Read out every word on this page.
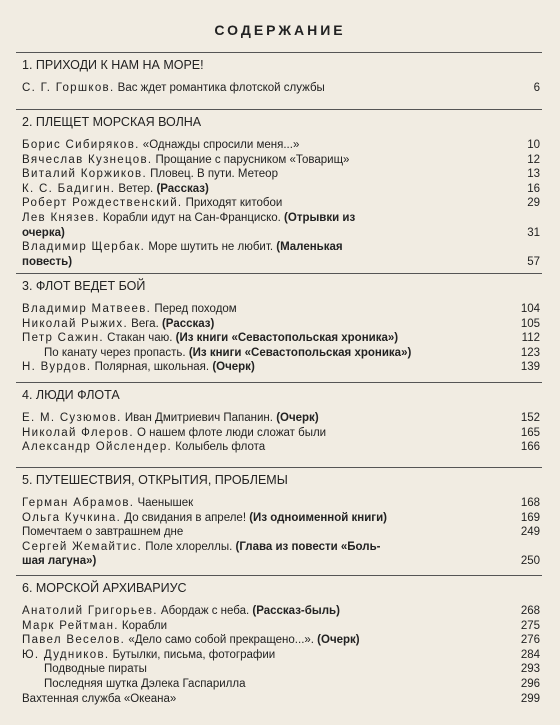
СОДЕРЖАНИЕ
1. ПРИХОДИ К НАМ НА МОРЕ!
С. Г. Горшков. Вас ждет романтика флотской службы	6
2. ПЛЕЩЕТ МОРСКАЯ ВОЛНА
Борис Сибиряков. «Однажды спросили меня...»	10
Вячеслав Кузнецов. Прощание с парусником «Товарищ»	12
Виталий Коржиков. Пловец. В пути. Метеор	13
К. С. Бадигин. Ветер. (Рассказ)	16
Роберт Рождественский. Приходят китобои	29
Лев Князев. Корабли идут на Сан-Франциско. (Отрывки из
очерка)	31
Владимир Щербак. Море шутить не любит. (Маленькая
повесть)	57
3. ФЛОТ ВЕДЕТ БОЙ
Владимир Матвеев. Перед походом	104
Николай Рыжих. Вега. (Рассказ)	105
Петр Сажин. Стакан чаю. (Из книги «Севастопольская хроника»)	112
По канату через пропасть. (Из книги «Севастопольская хроника»)	123
Н. Вурдов. Полярная, школьная. (Очерк)	139
4. ЛЮДИ ФЛОТА
Е. М. Сузюмов. Иван Дмитриевич Папанин. (Очерк)	152
Николай Флеров. О нашем флоте люди сложат были	165
Александр Ойслендер. Колыбель флота	166
5. ПУТЕШЕСТВИЯ, ОТКРЫТИЯ, ПРОБЛЕМЫ
Герман Абрамов. Чаенышек	168
Ольга Кучкина. До свидания в апреле! (Из одноименной книги)	169
Помечтаем о завтрашнем дне	249
Сергей Жемайтис. Поле хлореллы. (Глава из повести «Боль-
шая лагуна»)	250
6. МОРСКОЙ АРХИВАРИУС
Анатолий Григорьев. Абордаж с неба. (Рассказ-быль)	268
Марк Рейтман. Корабли	275
Павел Веселов. «Дело само собой прекращено...». (Очерк)	276
Ю. Дудников. Бутылки, письма, фотографии	284
Подводные пираты	293
Последняя шутка Дэлека Гаспарилла	296
Вахтенная служба «Океана»	299
